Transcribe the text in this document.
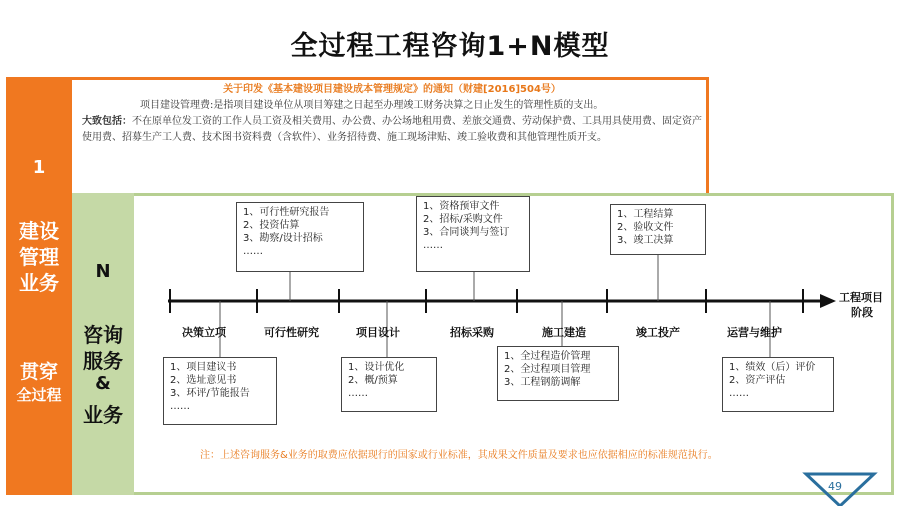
全过程工程咨询1+N模型
1
建设
管理
业务
贯穿
全过程
关于印发《基本建设项目建设成本管理规定》的通知（财建[2016]504号）
项目建设管理费:是指项目建设单位从项目筹建之日起至办理竣工财务决算之日止发生的管理性质的支出。
大致包括：不在原单位发工资的工作人员工资及相关费用、办公费、办公场地租用费、差旅交通费、劳动保护费、工具用具使用费、固定资产使用费、招募生产工人费、技术图书资料费（含软件）、业务招待费、施工现场津贴、竣工验收费和其他管理性质开支。
N
咨询
服务
&
业务
工程项目
阶段
决策立项	可行性研究	项目设计	招标采购	施工建造	竣工投产	运营与维护
1、可行性研究报告
2、投资估算
3、勘察/设计招标
……
1、资格预审文件
2、招标/采购文件
3、合同谈判与签订
……
1、工程结算
2、验收文件
3、竣工决算
1、项目建议书
2、选址意见书
3、环评/节能报告
……
1、设计优化
2、概/预算
……
1、全过程造价管理
2、全过程项目管理
3、工程钢筋调解
1、绩效（后）评价
2、资产评估
……
注：上述咨询服务&业务的取费应依据现行的国家或行业标准，其成果文件质量及要求也应依据相应的标准规范执行。
49
